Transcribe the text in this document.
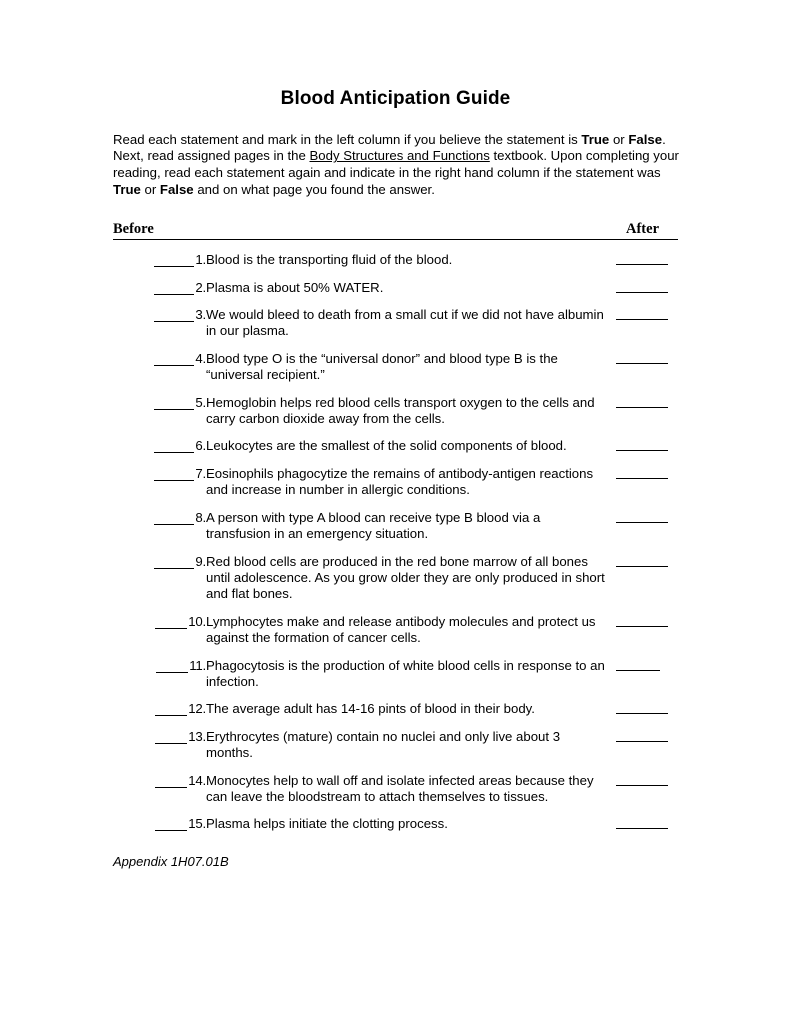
Blood Anticipation Guide

Read each statement and mark in the left column if you believe the statement is True or False. Next, read assigned pages in the Body Structures and Functions textbook. Upon completing your reading, read each statement again and indicate in the right hand column if the statement was True or False and on what page you found the answer.

Before	After
1. Blood is the transporting fluid of the blood.
2. Plasma is about 50% WATER.
3. We would bleed to death from a small cut if we did not have albumin in our plasma.
4. Blood type O is the “universal donor” and blood type B is the “universal recipient.”
5. Hemoglobin helps red blood cells transport oxygen to the cells and carry carbon dioxide away from the cells.
6. Leukocytes are the smallest of the solid components of blood.
7. Eosinophils phagocytize the remains of antibody-antigen reactions and increase in number in allergic conditions.
8. A person with type A blood can receive type B blood via a transfusion in an emergency situation.
9. Red blood cells are produced in the red bone marrow of all bones until adolescence. As you grow older they are only produced in short and flat bones.
10. Lymphocytes make and release antibody molecules and protect us against the formation of cancer cells.
11. Phagocytosis is the production of white blood cells in response to an infection.
12. The average adult has 14-16 pints of blood in their body.
13. Erythrocytes (mature) contain no nuclei and only live about 3 months.
14. Monocytes help to wall off and isolate infected areas because they can leave the bloodstream to attach themselves to tissues.
15. Plasma helps initiate the clotting process.
Appendix 1H07.01B
